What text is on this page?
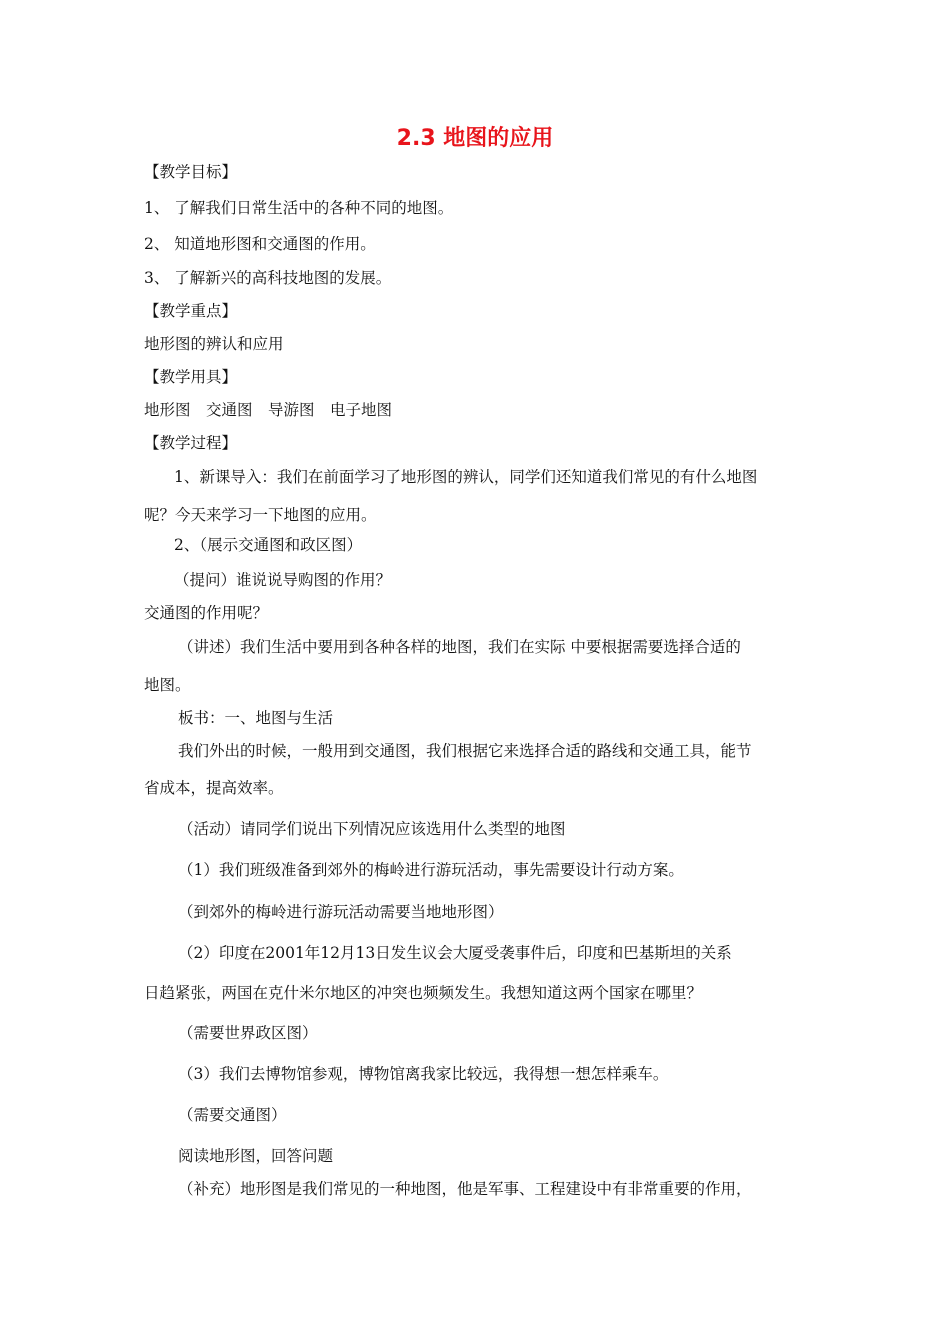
2.3 地图的应用
【教学目标】
1、 了解我们日常生活中的各种不同的地图。
2、 知道地形图和交通图的作用。
3、 了解新兴的高科技地图的发展。
【教学重点】
地形图的辨认和应用
【教学用具】
地形图　交通图　导游图　电子地图
【教学过程】
1、新课导入：我们在前面学习了地形图的辨认，同学们还知道我们常见的有什么地图
呢？今天来学习一下地图的应用。
2、（展示交通图和政区图）
（提问）谁说说导购图的作用？
交通图的作用呢？
（讲述）我们生活中要用到各种各样的地图，我们在实际 中要根据需要选择合适的
地图。
板书：一、地图与生活
我们外出的时候，一般用到交通图，我们根据它来选择合适的路线和交通工具，能节
省成本，提高效率。
（活动）请同学们说出下列情况应该选用什么类型的地图
（1）我们班级准备到郊外的梅岭进行游玩活动，事先需要设计行动方案。
（到郊外的梅岭进行游玩活动需要当地地形图）
（2）印度在2001年12月13日发生议会大厦受袭事件后，印度和巴基斯坦的关系
日趋紧张，两国在克什米尔地区的冲突也频频发生。我想知道这两个国家在哪里？
（需要世界政区图）
（3）我们去博物馆参观，博物馆离我家比较远，我得想一想怎样乘车。
（需要交通图）
阅读地形图，回答问题
（补充）地形图是我们常见的一种地图，他是军事、工程建设中有非常重要的作用，
